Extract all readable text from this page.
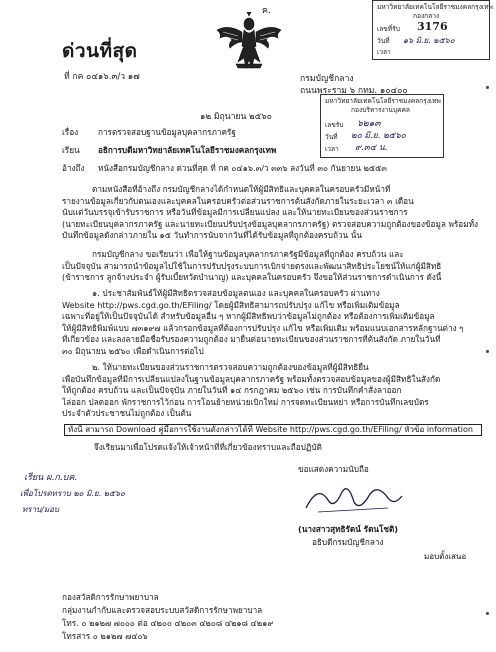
ฅ.
ด่วนที่สุด
ที่ กค ๐๔๑๖.๓/ว ๑๗
มหาวิทยาลัยเทคโนโลยีราชมงคลกรุงเทพ
กองกลาง
เลขที่รับ 3176
วันที่ ๑๖ มิ.ย. ๒๕๖๐
เวลา
กรมบัญชีกลาง
ถนนพระราม ๖ กทม. ๑๐๔๐๐
มหาวิทยาลัยเทคโนโลยีราชมงคลกรุงเทพ
กองบริหารงานบุคคล
เลขรับ ๖๒๑๓
วันที่ ๒๐ มิ.ย. ๒๕๖๐
เวลา ๙.๓๔ น.
๑๒ มิถุนายน ๒๕๖๐
เรื่อง การตรวจสอบฐานข้อมูลบุคลากรภาครัฐ
เรียน อธิการบดีมหาวิทยาลัยเทคโนโลยีราชมงคลกรุงเทพ
อ้างถึง หนังสือกรมบัญชีกลาง ด่วนที่สุด ที่ กค ๐๔๑๖.๓/ว ๓๓๖ ลงวันที่ ๓๐ กันยายน ๒๕๕๓
ตามหนังสือที่อ้างถึง กรมบัญชีกลางได้กำหนดให้ผู้มีสิทธิและบุคคลในครอบครัวมีหน้าที่
รายงานข้อมูลเกี่ยวกับตนเองและบุคคลในครอบครัวต่อส่วนราชการต้นสังกัดภายในระยะเวลา ๓ เดือน
นับแต่วันบรรจุเข้ารับราชการ หรือวันที่ข้อมูลมีการเปลี่ยนแปลง และให้นายทะเบียนของส่วนราชการ
(นายทะเบียนบุคลากรภาครัฐ และนายทะเบียนปรับปรุงข้อมูลบุคลากรภาครัฐ) ตรวจสอบความถูกต้องของข้อมูล พร้อมทั้ง
บันทึกข้อมูลดังกล่าวภายใน ๑๕ วันทำการนับจากวันที่ได้รับข้อมูลที่ถูกต้องครบถ้วน นั้น
กรมบัญชีกลาง ขอเรียนว่า เพื่อให้ฐานข้อมูลบุคลากรภาครัฐมีข้อมูลที่ถูกต้อง ครบถ้วน และ
เป็นปัจจุบัน สามารถนำข้อมูลไปใช้ในการปรับปรุงระบบการเบิกจ่ายตรงและพัฒนาสิทธิประโยชน์ให้แก่ผู้มีสิทธิ
(ข้าราชการ ลูกจ้างประจำ ผู้รับเบี้ยหวัดบำนาญ) และบุคคลในครอบครัว จึงขอให้ส่วนราชการดำเนินการ ดังนี้
๑. ประชาสัมพันธ์ให้ผู้มีสิทธิตรวจสอบข้อมูลตนเอง และบุคคลในครอบครัว ผ่านทาง
Website http://pws.cgd.go.th/EFiling/ โดยผู้มีสิทธิสามารถปรับปรุง แก้ไข หรือเพิ่มเติมข้อมูล
เฉพาะที่อยู่ให้เป็นปัจจุบันได้ สำหรับข้อมูลอื่น ๆ หากผู้มีสิทธิพบว่าข้อมูลไม่ถูกต้อง หรือต้องการเพิ่มเติมข้อมูล
ให้ผู้มีสิทธิพิมพ์แบบ ๗๓๑๙๗ แล้วกรอกข้อมูลที่ต้องการปรับปรุง แก้ไข หรือเพิ่มเติม พร้อมแนบเอกสารหลักฐานต่าง ๆ
ที่เกี่ยวข้อง และลงลายมือชื่อรับรองความถูกต้อง มายื่นต่อนายทะเบียนของส่วนราชการที่ต้นสังกัด ภายในวันที่
๓๐ มิถุนายน ๒๕๖๐ เพื่อดำเนินการต่อไป
๒. ให้นายทะเบียนของส่วนราชการตรวจสอบความถูกต้องของข้อมูลที่ผู้มีสิทธิยื่น
เพื่อบันทึกข้อมูลที่มีการเปลี่ยนแปลงในฐานข้อมูลบุคลากรภาครัฐ พร้อมทั้งตรวจสอบข้อมูลของผู้มีสิทธิในสังกัด
ให้ถูกต้อง ครบถ้วน และเป็นปัจจุบัน ภายในวันที่ ๑๔ กรกฎาคม ๒๕๖๐ เช่น การบันทึกคำสั่งลาออก
ไล่ออก ปลดออก พักราชการไว้ก่อน การโอนย้ายหน่วยเบิกใหม่ การจดทะเบียนหย่า หรือการบันทึกเลขบัตร
ประจำตัวประชาชนไม่ถูกต้อง เป็นต้น
ทั้งนี้ สามารถ Download คู่มือการใช้งานดังกล่าวได้ที่ Website http://pws.cgd.go.th/EFiling/ หัวข้อ information
จึงเรียนมาเพื่อโปรดแจ้งให้เจ้าหน้าที่ที่เกี่ยวข้องทราบและถือปฏิบัติ
ขอแสดงความนับถือ
(นางสาวสุทธิรัตน์ รัตนโชติ)
อธิบดีกรมบัญชีกลาง
เรียน ผ.ก.บค.
เพื่อโปรดทราบ ๒๐ มิ.ย. ๒๕๖๐
ทราบ/มอบ
มอบตั้งเสนอ
กองสวัสดิการรักษาพยาบาล
กลุ่มงานกำกับและตรวจสอบระบบสวัสดิการรักษาพยาบาล
โทร. ๐ ๒๑๒๗ ๗๐๐๐ ต่อ ๔๒๐๐ ๔๒๐๓ ๔๒๐๘ ๔๒๑๘ ๔๒๑๙
โทรสาร ๐ ๒๑๒๗ ๗๔๐๖
